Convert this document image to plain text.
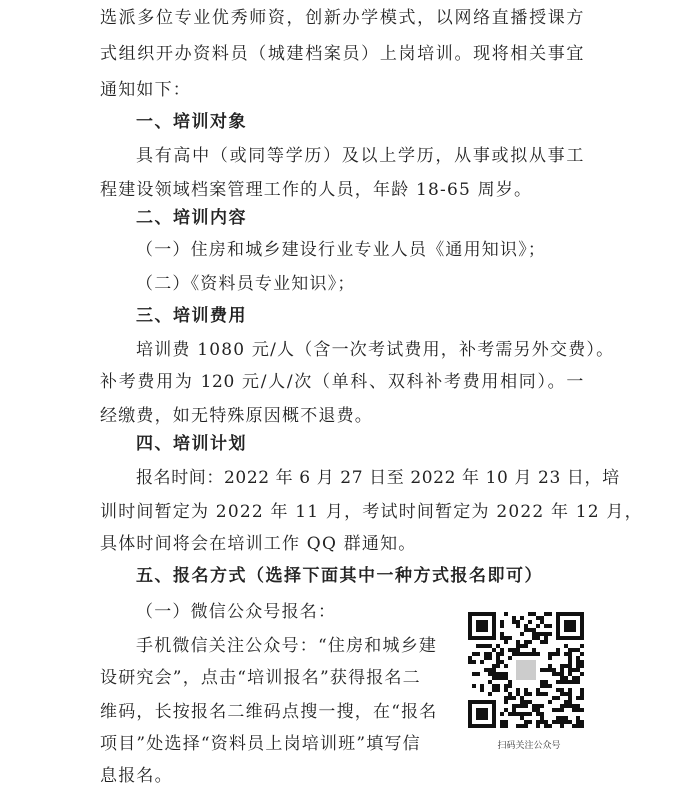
选派多位专业优秀师资，创新办学模式，以网络直播授课方
式组织开办资料员（城建档案员）上岗培训。现将相关事宜
通知如下：
一、培训对象
具有高中（或同等学历）及以上学历，从事或拟从事工
程建设领域档案管理工作的人员，年龄 18-65 周岁。
二、培训内容
（一）住房和城乡建设行业专业人员《通用知识》；
（二）《资料员专业知识》；
三、培训费用
培训费 1080 元/人（含一次考试费用，补考需另外交费）。
补考费用为 120 元/人/次（单科、双科补考费用相同）。一
经缴费，如无特殊原因概不退费。
四、培训计划
报名时间：2022 年 6 月 27 日至 2022 年 10 月 23 日，培
训时间暂定为 2022 年 11 月，考试时间暂定为 2022 年 12 月，
具体时间将会在培训工作 QQ 群通知。
五、报名方式（选择下面其中一种方式报名即可）
（一）微信公众号报名：
手机微信关注公众号：“住房和城乡建
设研究会”，点击“培训报名”获得报名二
维码，长按报名二维码点搜一搜，在“报名
项目”处选择“资料员上岗培训班”填写信
息报名。
扫码关注公众号
